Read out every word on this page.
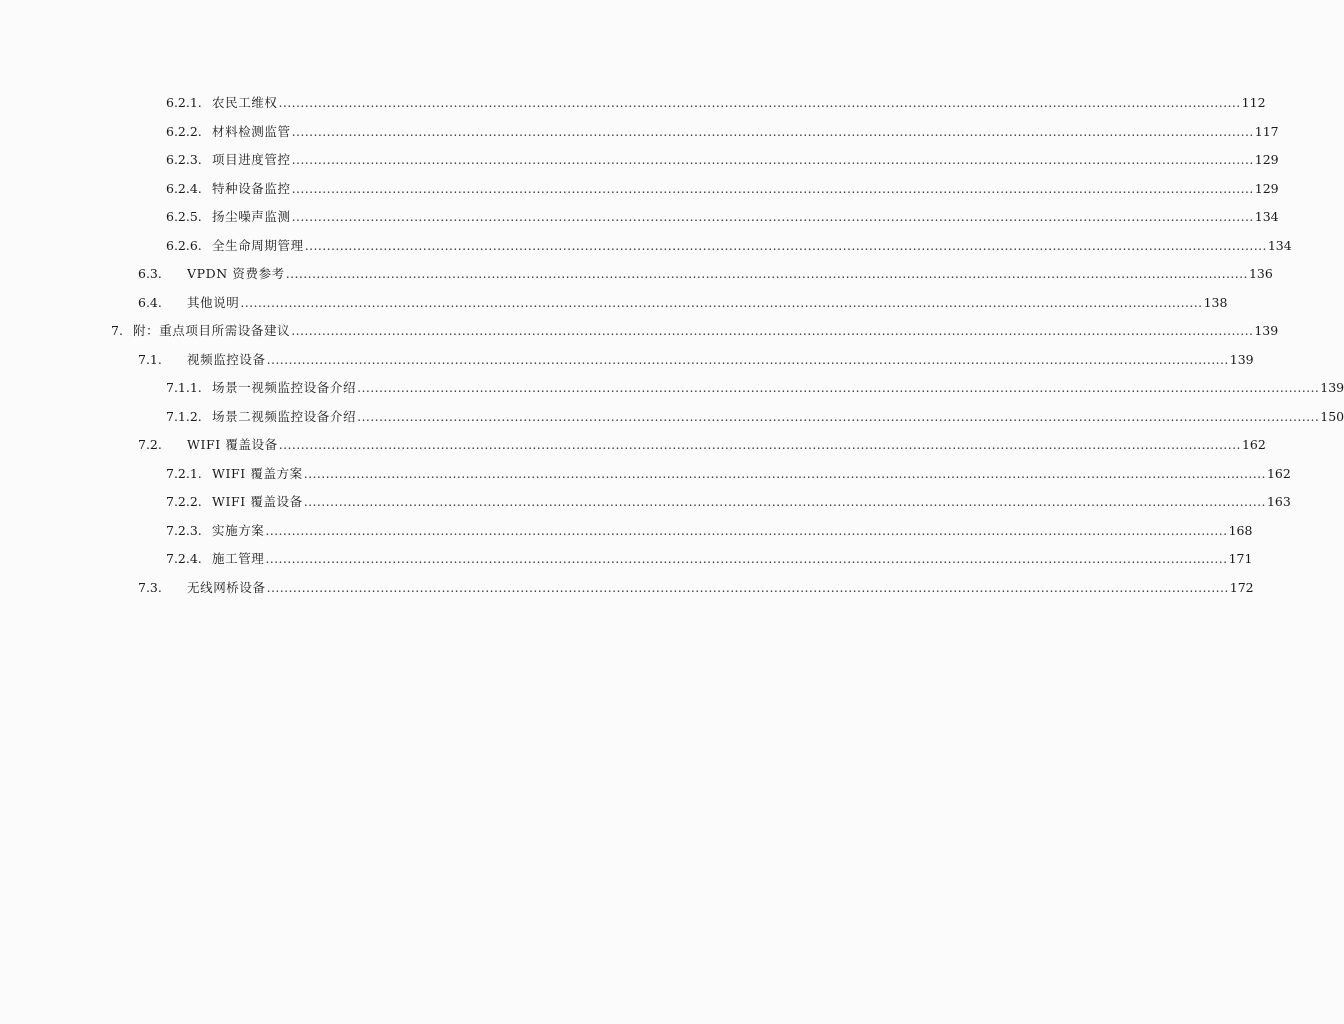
6.2.1. 农民工维权 ............................................................................................................................................................................................................................ 112
6.2.2. 材料检测监管 ............................................................................................................................................................................................................................ 117
6.2.3. 项目进度管控 ............................................................................................................................................................................................................................ 129
6.2.4. 特种设备监控 ............................................................................................................................................................................................................................ 129
6.2.5. 扬尘噪声监测 ............................................................................................................................................................................................................................ 134
6.2.6. 全生命周期管理 ............................................................................................................................................................................................................................ 134
6.3. VPDN 资费参考 ............................................................................................................................................................................................................................ 136
6.4. 其他说明 ............................................................................................................................................................................................................................ 138
7. 附：重点项目所需设备建议 ............................................................................................................................................................................................................................ 139
7.1. 视频监控设备 ............................................................................................................................................................................................................................ 139
7.1.1. 场景一视频监控设备介绍 ............................................................................................................................................................................................................................ 139
7.1.2. 场景二视频监控设备介绍 ............................................................................................................................................................................................................................ 150
7.2. WIFI 覆盖设备 ............................................................................................................................................................................................................................ 162
7.2.1. WIFI 覆盖方案 ............................................................................................................................................................................................................................ 162
7.2.2. WIFI 覆盖设备 ............................................................................................................................................................................................................................ 163
7.2.3. 实施方案 ............................................................................................................................................................................................................................ 168
7.2.4. 施工管理 ............................................................................................................................................................................................................................ 171
7.3. 无线网桥设备 ............................................................................................................................................................................................................................ 172
